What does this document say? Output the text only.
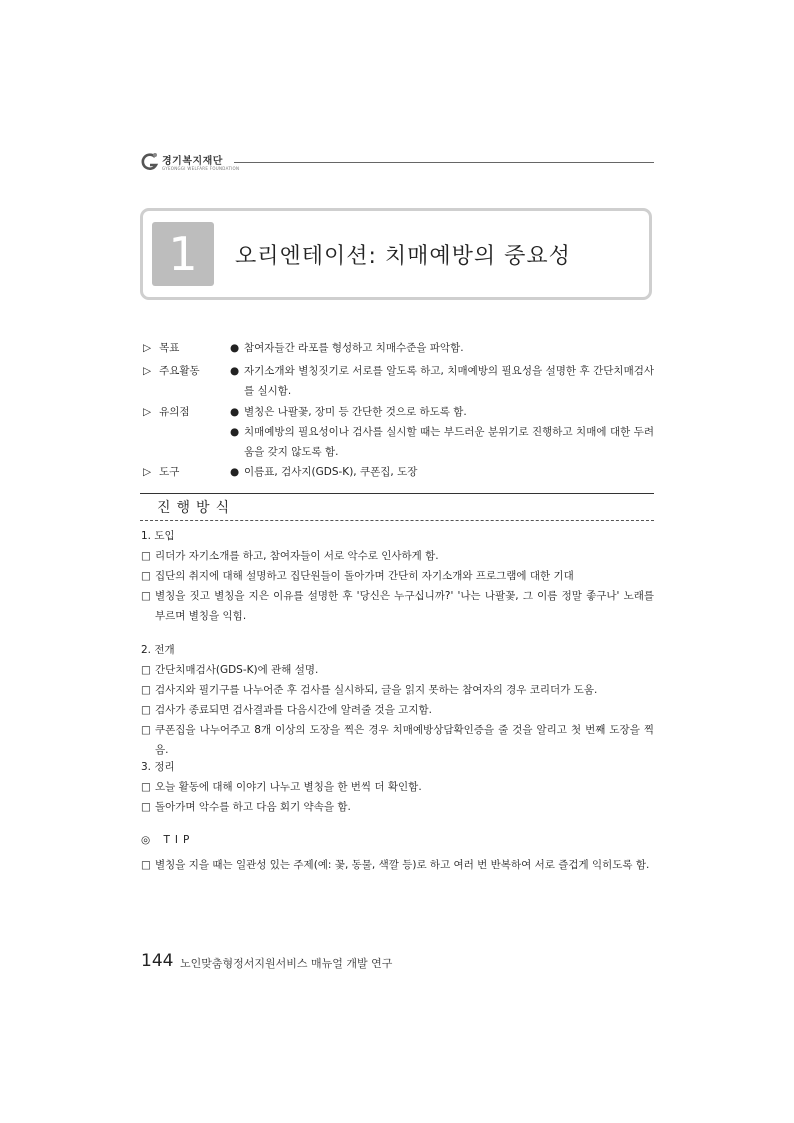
경기복지재단
GYEONGGI WELFARE FOUNDATION
1	오리엔테이션: 치매예방의 중요성
▷ 목표	● 참여자들간 라포를 형성하고 치매수준을 파악함.
▷ 주요활동	● 자기소개와 별칭짓기로 서로를 알도록 하고, 치매예방의 필요성을 설명한 후 간단치매검사를 실시함.
▷ 유의점	● 별칭은 나팔꽃, 장미 등 간단한 것으로 하도록 함.
● 치매예방의 필요성이나 검사를 실시할 때는 부드러운 분위기로 진행하고 치매에 대한 두려움을 갖지 않도록 함.
▷ 도구	● 이름표, 검사지(GDS-K), 쿠폰집, 도장
진행방식
1. 도입
□ 리더가 자기소개를 하고, 참여자들이 서로 악수로 인사하게 함.
□ 집단의 취지에 대해 설명하고 집단원들이 돌아가며 간단히 자기소개와 프로그램에 대한 기대
□ 별칭을 짓고 별칭을 지은 이유를 설명한 후 '당신은 누구십니까?' '나는 나팔꽃, 그 이름 정말 좋구나' 노래를 부르며 별칭을 익힘.
2. 전개
□ 간단치매검사(GDS-K)에 관해 설명.
□ 검사지와 필기구를 나누어준 후 검사를 실시하되, 글을 읽지 못하는 참여자의 경우 코리더가 도움.
□ 검사가 종료되면 검사결과를 다음시간에 알려줄 것을 고지함.
□ 쿠폰집을 나누어주고 8개 이상의 도장을 찍은 경우 치매예방상담확인증을 줄 것을 알리고 첫 번째 도장을 찍음.
3. 정리
□ 오늘 활동에 대해 이야기 나누고 별칭을 한 번씩 더 확인함.
□ 돌아가며 악수를 하고 다음 회기 약속을 함.
◎ TIP
□ 별칭을 지을 때는 일관성 있는 주제(예: 꽃, 동물, 색깔 등)로 하고 여러 번 반복하여 서로 즐겁게 익히도록 함.
144 노인맞춤형정서지원서비스 매뉴얼 개발 연구
